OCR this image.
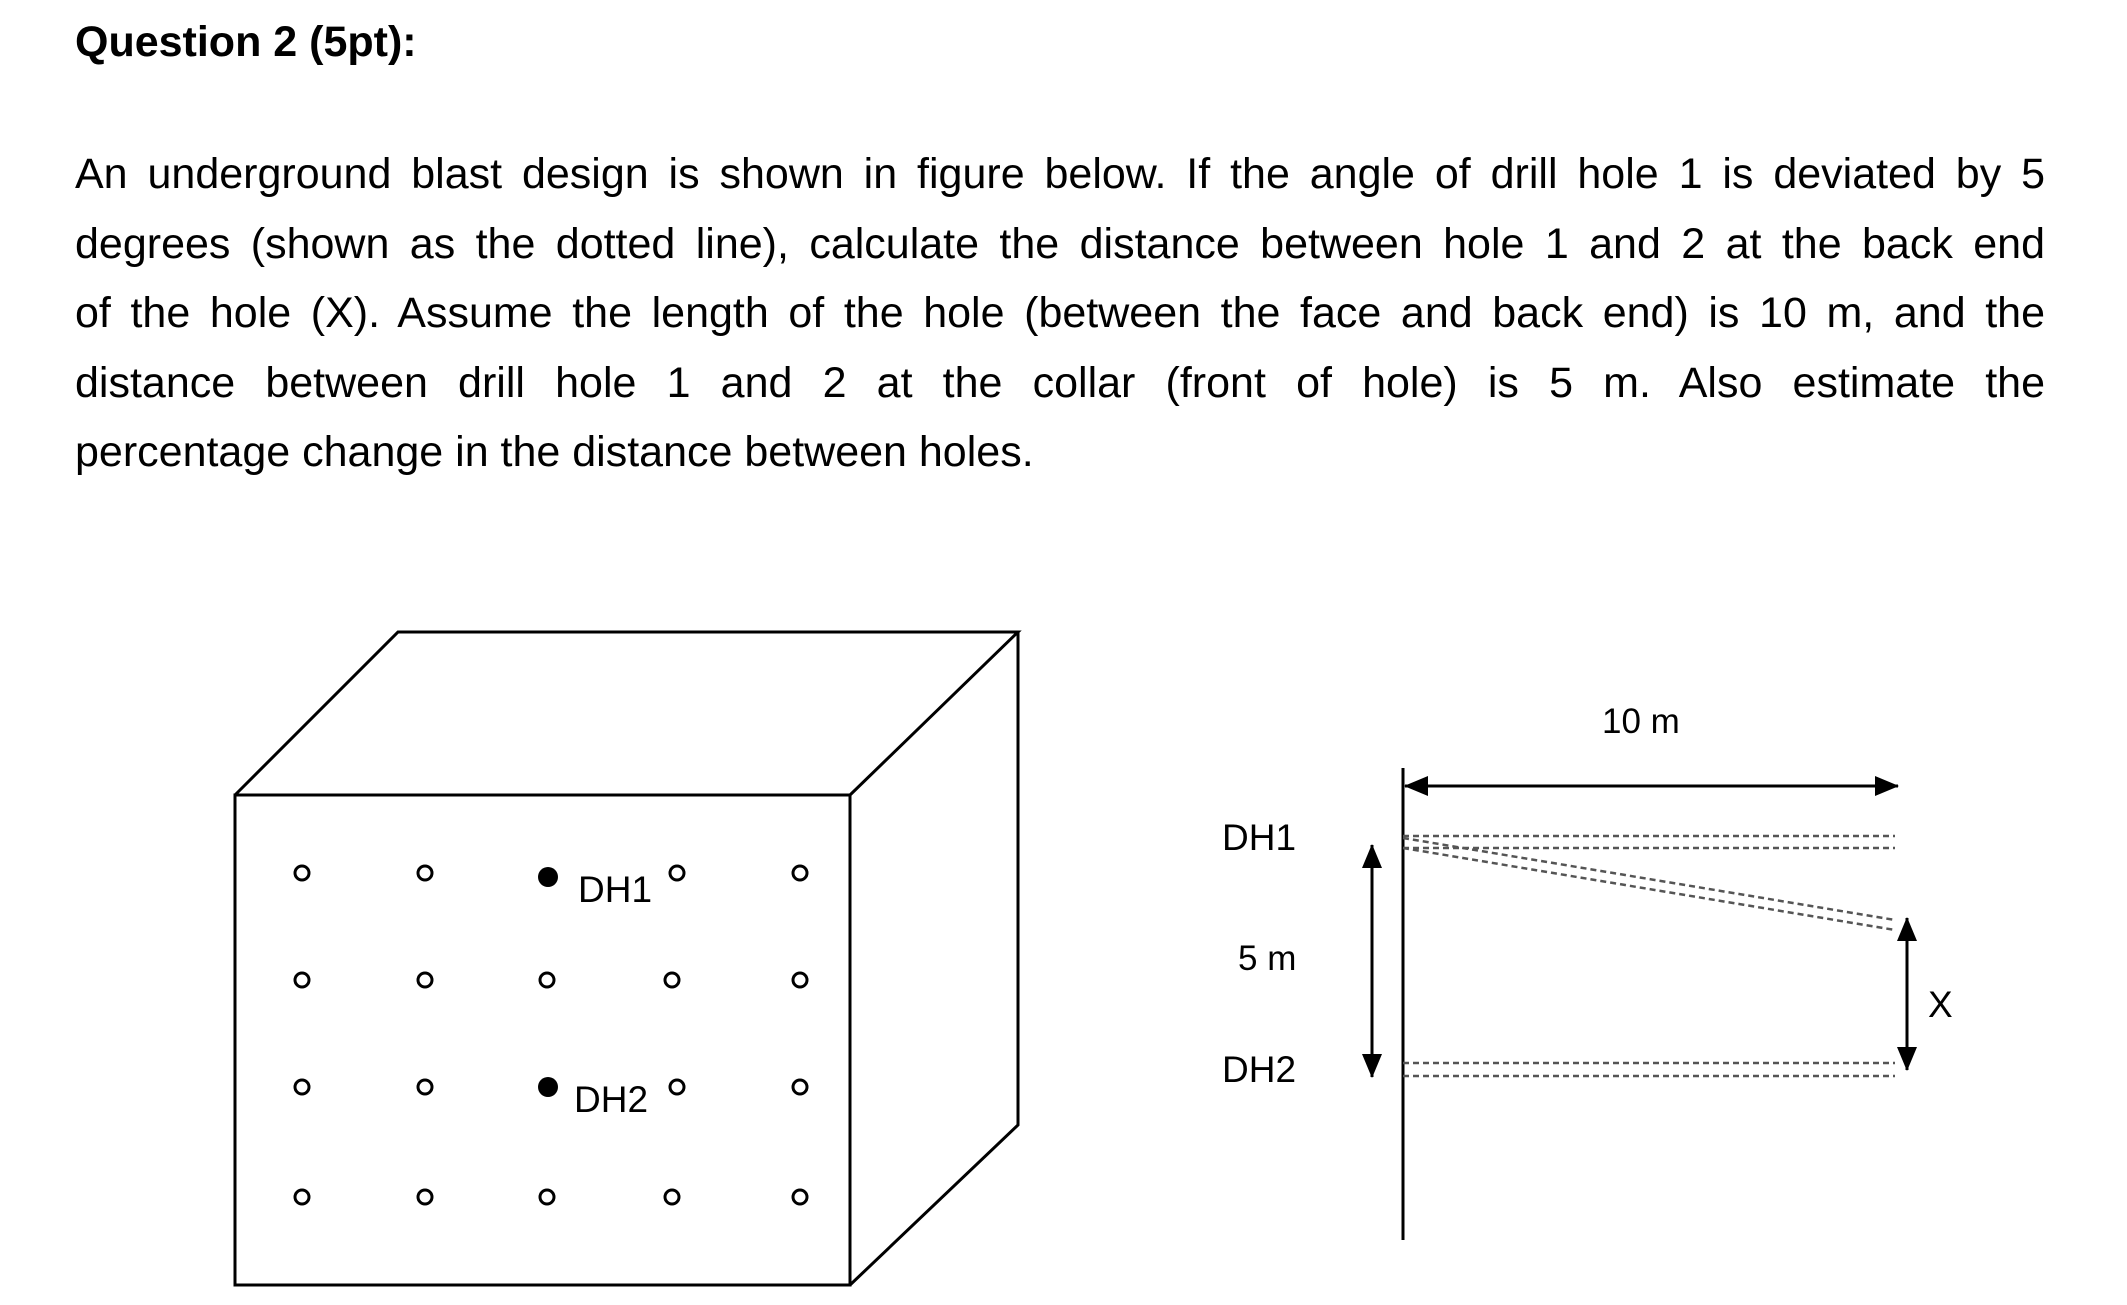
Question 2 (5pt):

An underground blast design is shown in figure below. If the angle of drill hole 1 is deviated by 5
degrees (shown as the dotted line), calculate the distance between hole 1 and 2 at the back end
of the hole (X). Assume the length of the hole (between the face and back end) is 10 m, and the
distance between drill hole 1 and 2 at the collar (front of hole) is 5 m. Also estimate the
percentage change in the distance between holes.

DH1
DH2
10 m
5 m
X
DH1
DH2
